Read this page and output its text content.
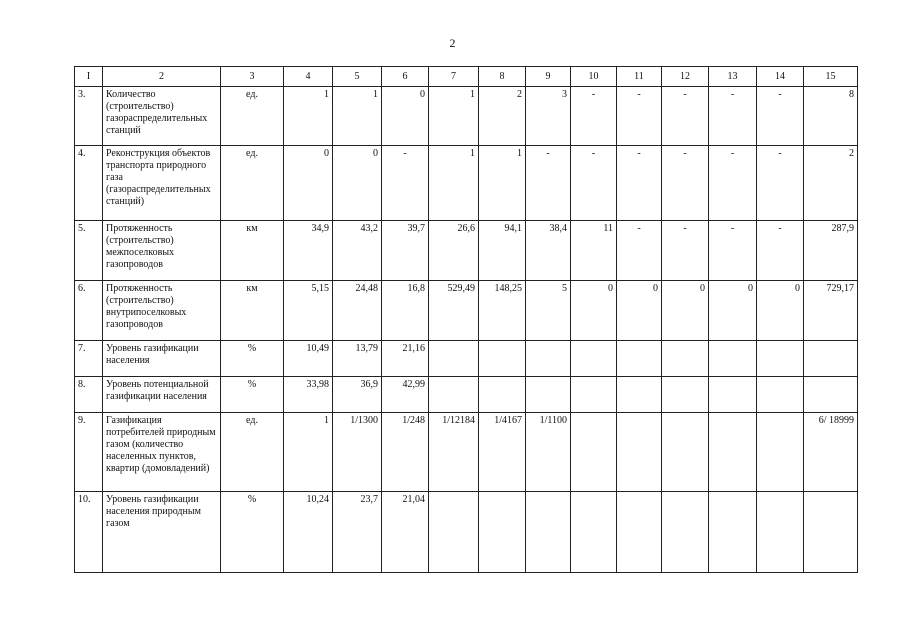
2
I	2	3	4	5	6	7	8	9	10	11	12	13	14	15
3.	Количество (строительство) газораспределительных станций	ед.	1	1	0	1	2	3	-	-	-	-	-	8
4.	Реконструкция объектов транспорта природного газа (газораспределительных станций)	ед.	0	0	-	1	1	-	-	-	-	-	-	2
5.	Протяженность (строительство) межпоселковых газопроводов	км	34,9	43,2	39,7	26,6	94,1	38,4	11	-	-	-	-	287,9
6.	Протяженность (строительство) внутрипоселковых газопроводов	км	5,15	24,48	16,8	529,49	148,25	5	0	0	0	0	0	729,17
7.	Уровень газификации населения	%	10,49	13,79	21,16									
8.	Уровень потенциальной газификации населения	%	33,98	36,9	42,99									
9.	Газификация потребителей природным газом (количество населенных пунктов, квартир (домовладений)	ед.	1	1/1300	1/248	1/12184	1/4167	1/1100						6/ 18999
10.	Уровень газификации населения природным газом	%	10,24	23,7	21,04									
